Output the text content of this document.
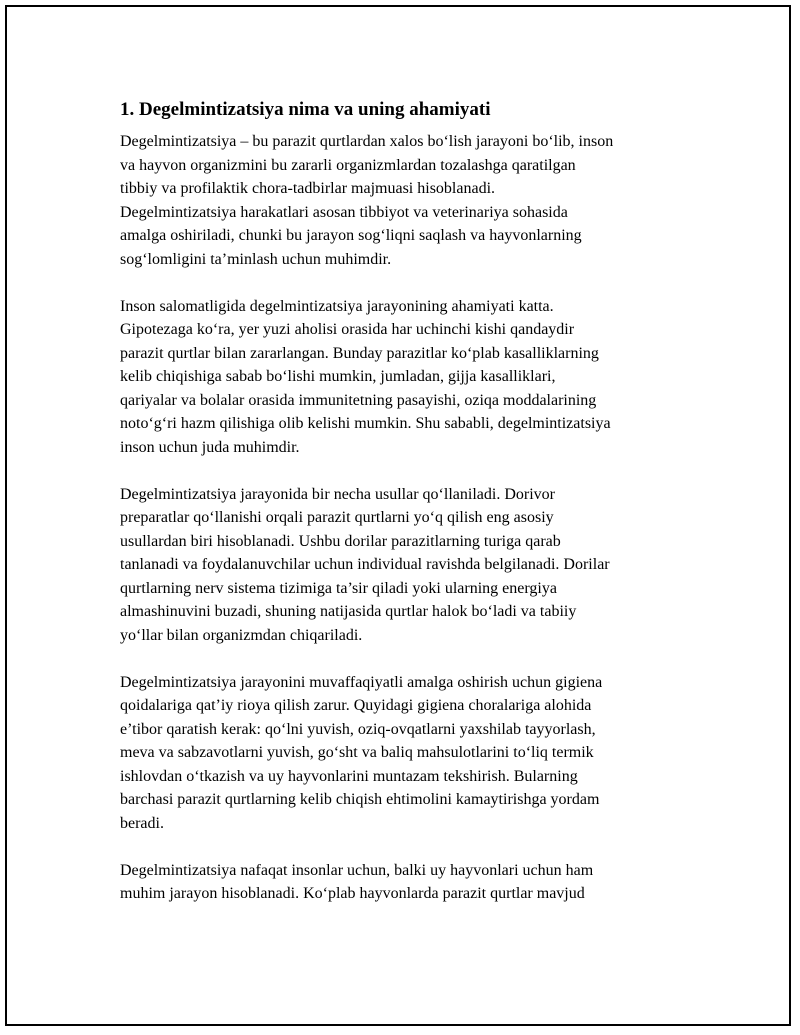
1. Degelmintizatsiya nima va uning ahamiyati

Degelmintizatsiya – bu parazit qurtlardan xalos bo‘lish jarayoni bo‘lib, inson
va hayvon organizmini bu zararli organizmlardan tozalashga qaratilgan
tibbiy va profilaktik chora-tadbirlar majmuasi hisoblanadi.
Degelmintizatsiya harakatlari asosan tibbiyot va veterinariya sohasida
amalga oshiriladi, chunki bu jarayon sog‘liqni saqlash va hayvonlarning
sog‘lomligini ta’minlash uchun muhimdir.

Inson salomatligida degelmintizatsiya jarayonining ahamiyati katta.
Gipotezaga ko‘ra, yer yuzi aholisi orasida har uchinchi kishi qandaydir
parazit qurtlar bilan zararlangan. Bunday parazitlar ko‘plab kasalliklarning
kelib chiqishiga sabab bo‘lishi mumkin, jumladan, gijja kasalliklari,
qariyalar va bolalar orasida immunitetning pasayishi, oziqa moddalarining
noto‘g‘ri hazm qilishiga olib kelishi mumkin. Shu sababli, degelmintizatsiya
inson uchun juda muhimdir.

Degelmintizatsiya jarayonida bir necha usullar qo‘llaniladi. Dorivor
preparatlar qo‘llanishi orqali parazit qurtlarni yo‘q qilish eng asosiy
usullardan biri hisoblanadi. Ushbu dorilar parazitlarning turiga qarab
tanlanadi va foydalanuvchilar uchun individual ravishda belgilanadi. Dorilar
qurtlarning nerv sistema tizimiga ta’sir qiladi yoki ularning energiya
almashinuvini buzadi, shuning natijasida qurtlar halok bo‘ladi va tabiiy
yo‘llar bilan organizmdan chiqariladi.

Degelmintizatsiya jarayonini muvaffaqiyatli amalga oshirish uchun gigiena
qoidalariga qat’iy rioya qilish zarur. Quyidagi gigiena choralariga alohida
e’tibor qaratish kerak: qo‘lni yuvish, oziq-ovqatlarni yaxshilab tayyorlash,
meva va sabzavotlarni yuvish, go‘sht va baliq mahsulotlarini to‘liq termik
ishlovdan o‘tkazish va uy hayvonlarini muntazam tekshirish. Bularning
barchasi parazit qurtlarning kelib chiqish ehtimolini kamaytirishga yordam
beradi.

Degelmintizatsiya nafaqat insonlar uchun, balki uy hayvonlari uchun ham
muhim jarayon hisoblanadi. Ko‘plab hayvonlarda parazit qurtlar mavjud
